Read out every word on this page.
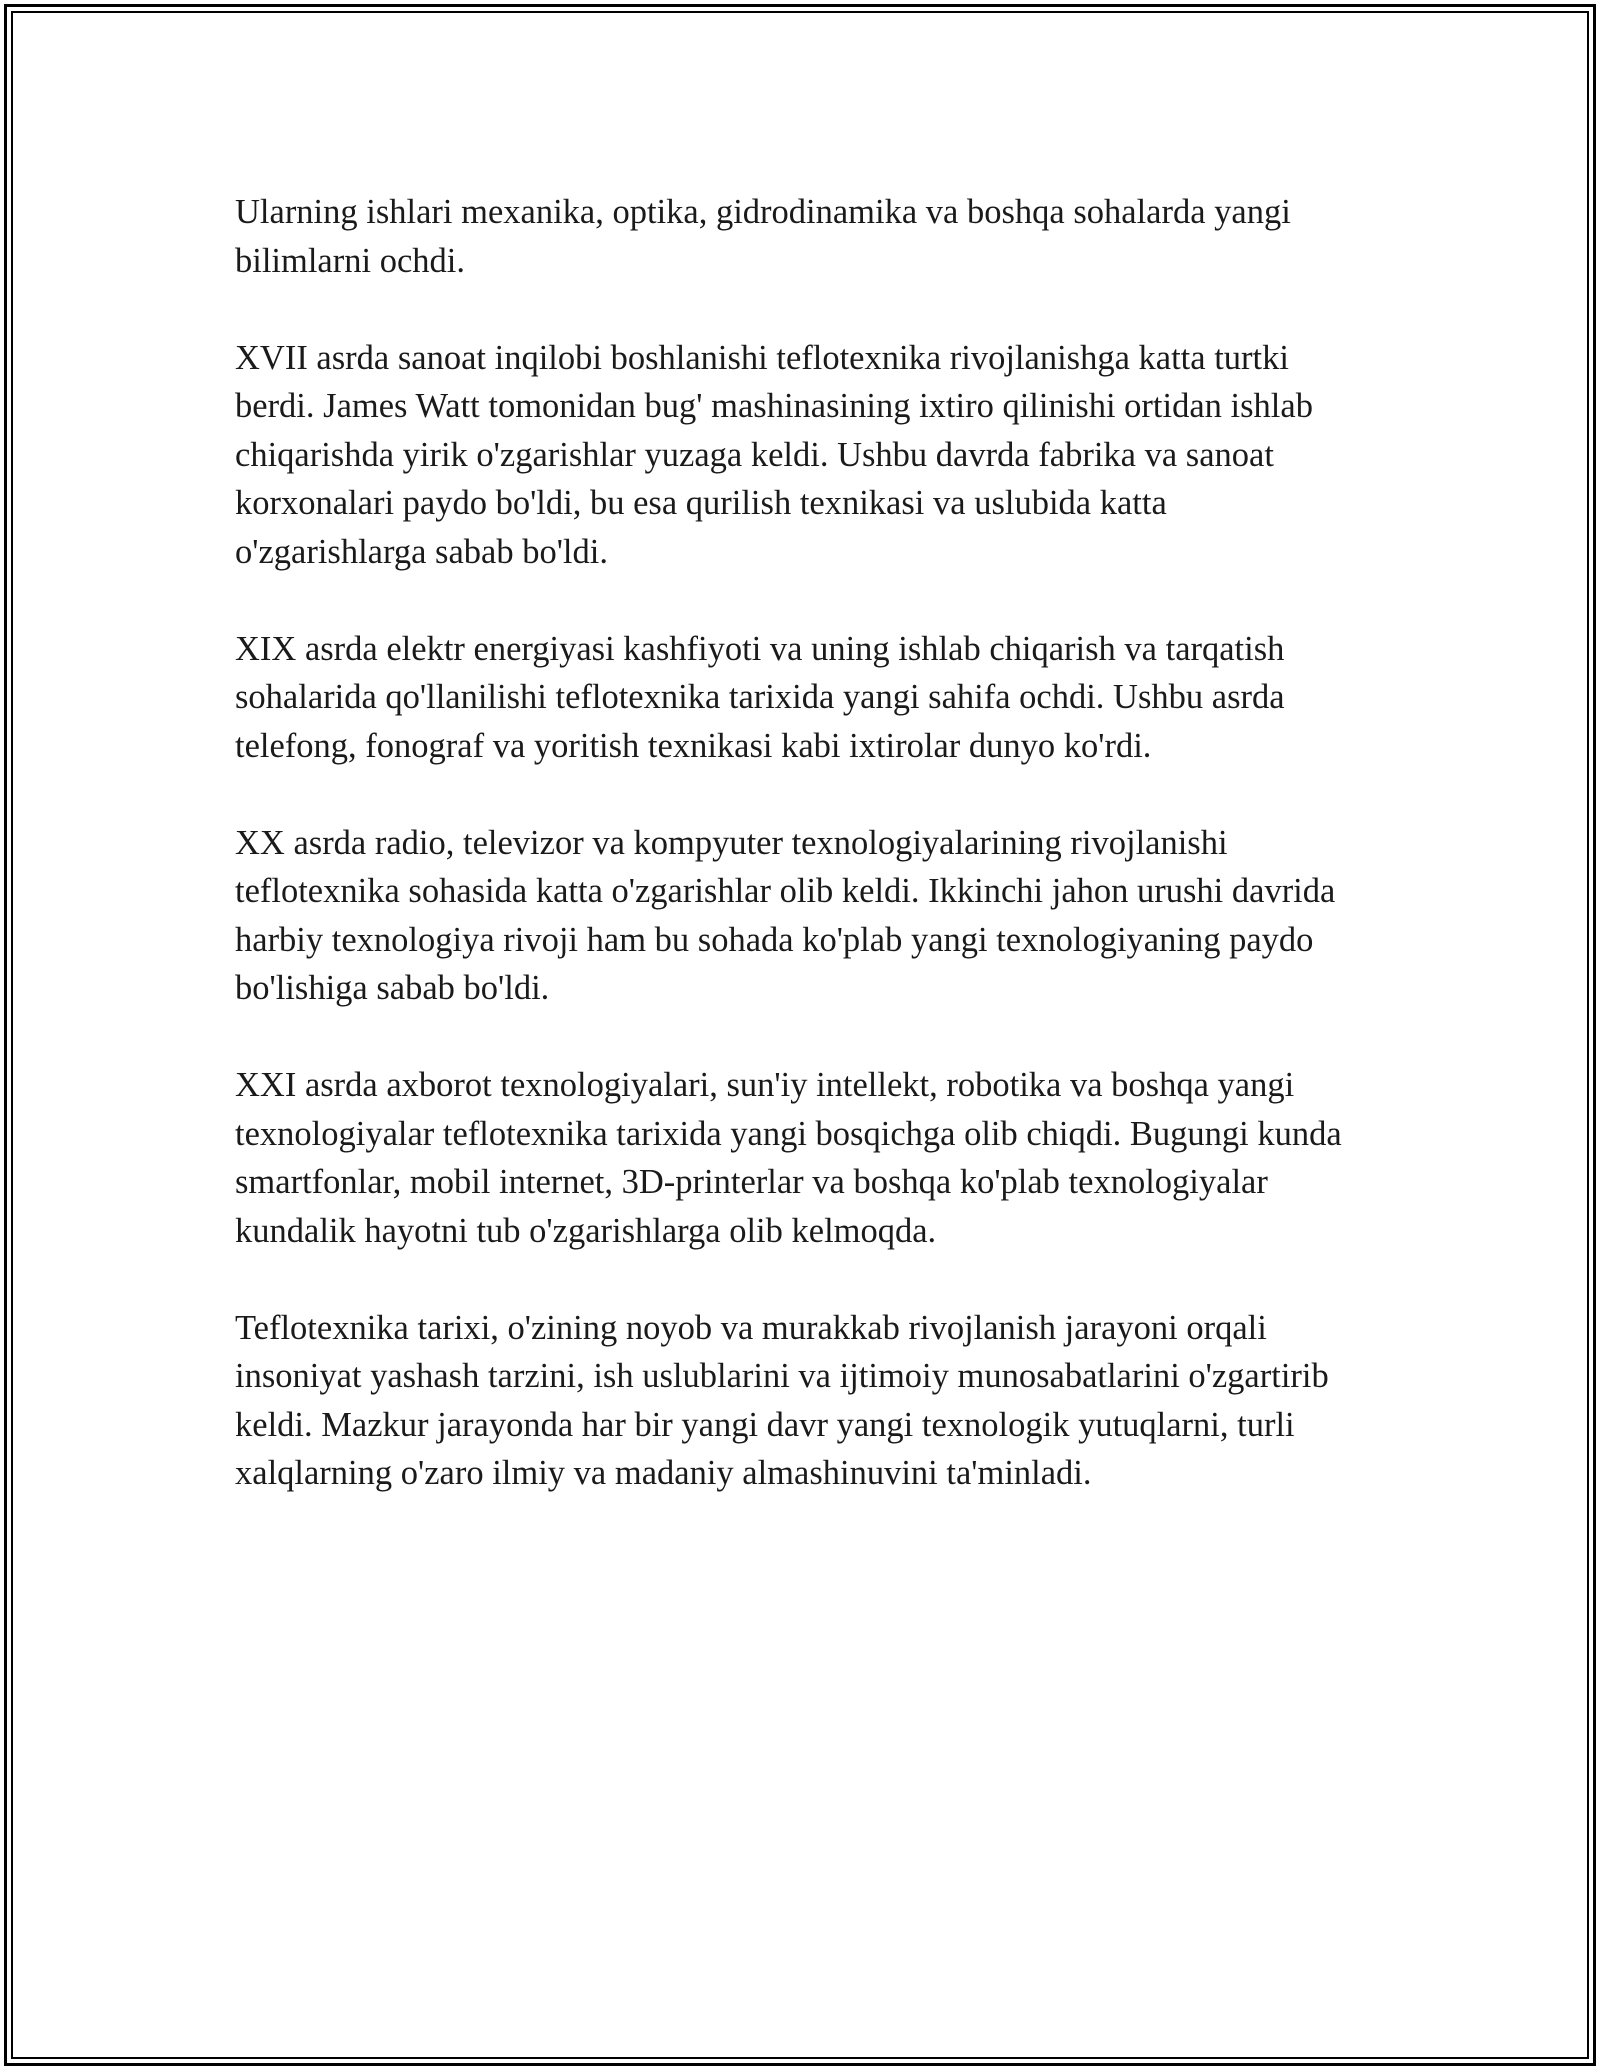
Ularning ishlari mexanika, optika, gidrodinamika va boshqa sohalarda yangi bilimlarni ochdi.

XVII asrda sanoat inqilobi boshlanishi teflotexnika rivojlanishga katta turtki berdi. James Watt tomonidan bug' mashinasining ixtiro qilinishi ortidan ishlab chiqarishda yirik o'zgarishlar yuzaga keldi. Ushbu davrda fabrika va sanoat korxonalari paydo bo'ldi, bu esa qurilish texnikasi va uslubida katta o'zgarishlarga sabab bo'ldi.

XIX asrda elektr energiyasi kashfiyoti va uning ishlab chiqarish va tarqatish sohalarida qo'llanilishi teflotexnika tarixida yangi sahifa ochdi. Ushbu asrda telefong, fonograf va yoritish texnikasi kabi ixtirolar dunyo ko'rdi.

XX asrda radio, televizor va kompyuter texnologiyalarining rivojlanishi teflotexnika sohasida katta o'zgarishlar olib keldi. Ikkinchi jahon urushi davrida harbiy texnologiya rivoji ham bu sohada ko'plab yangi texnologiyaning paydo bo'lishiga sabab bo'ldi.

XXI asrda axborot texnologiyalari, sun'iy intellekt, robotika va boshqa yangi texnologiyalar teflotexnika tarixida yangi bosqichga olib chiqdi. Bugungi kunda smartfonlar, mobil internet, 3D-printerlar va boshqa ko'plab texnologiyalar kundalik hayotni tub o'zgarishlarga olib kelmoqda.

Teflotexnika tarixi, o'zining noyob va murakkab rivojlanish jarayoni orqali insoniyat yashash tarzini, ish uslublarini va ijtimoiy munosabatlarini o'zgartirib keldi. Mazkur jarayonda har bir yangi davr yangi texnologik yutuqlarni, turli xalqlarning o'zaro ilmiy va madaniy almashinuvini ta'minladi.
